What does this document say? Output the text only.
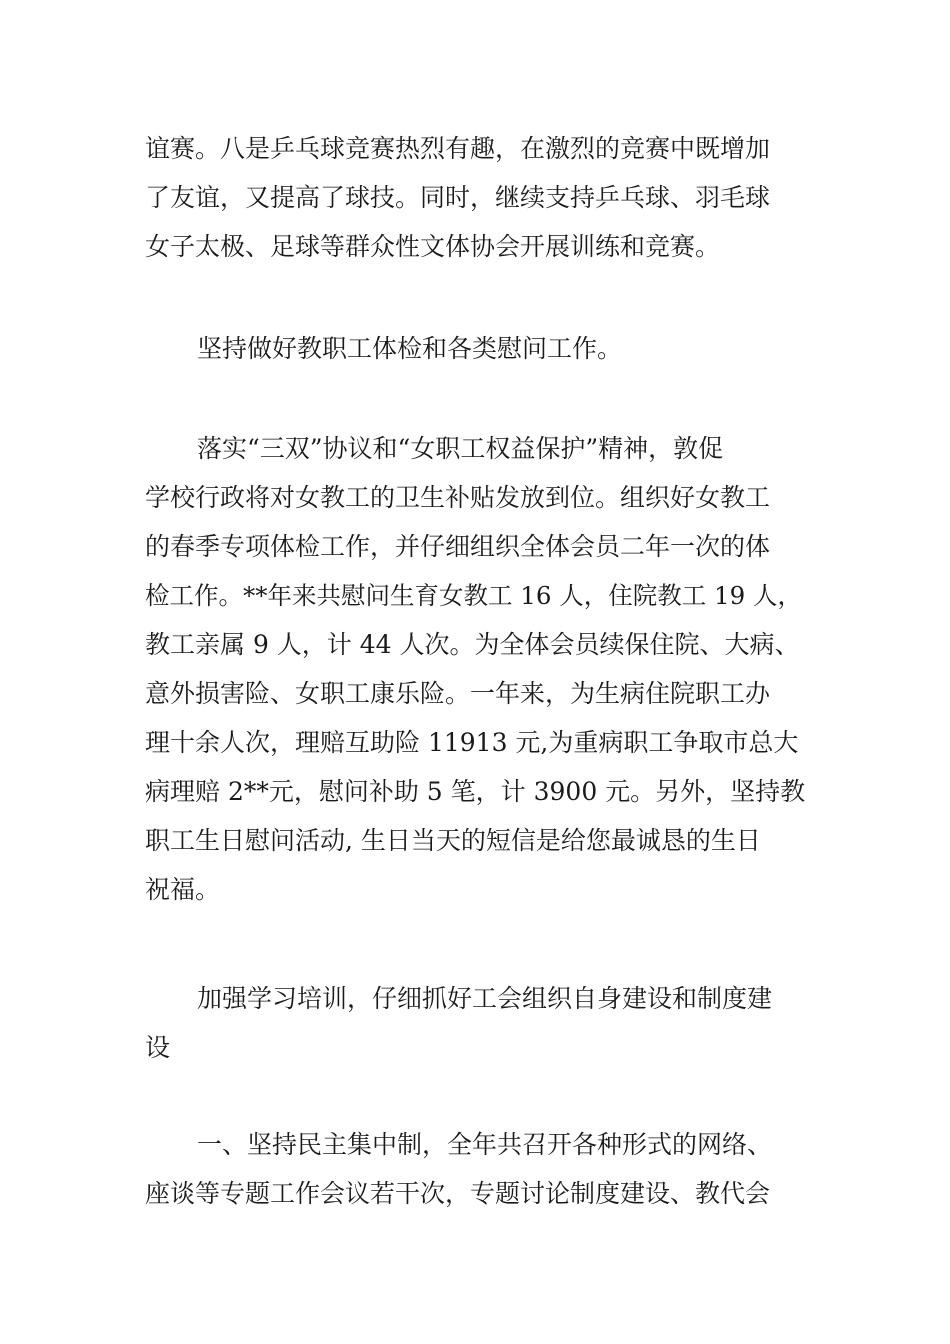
谊赛。八是乒乓球竞赛热烈有趣，在激烈的竞赛中既增加
了友谊，又提高了球技。同时，继续支持乒乓球、羽毛球
女子太极、足球等群众性文体协会开展训练和竞赛。
坚持做好教职工体检和各类慰问工作。
落实“三双”协议和“女职工权益保护”精神，敦促
学校行政将对女教工的卫生补贴发放到位。组织好女教工
的春季专项体检工作，并仔细组织全体会员二年一次的体
检工作。**年来共慰问生育女教工 16 人，住院教工 19 人，
教工亲属 9 人，计 44 人次。为全体会员续保住院、大病、
意外损害险、女职工康乐险。一年来，为生病住院职工办
理十余人次，理赔互助险 11913 元,为重病职工争取市总大
病理赔 2**元，慰问补助 5 笔，计 3900 元。另外，坚持教
职工生日慰问活动, 生日当天的短信是给您最诚恳的生日
祝福。
加强学习培训，仔细抓好工会组织自身建设和制度建
设
一、坚持民主集中制，全年共召开各种形式的网络、
座谈等专题工作会议若干次，专题讨论制度建设、教代会
